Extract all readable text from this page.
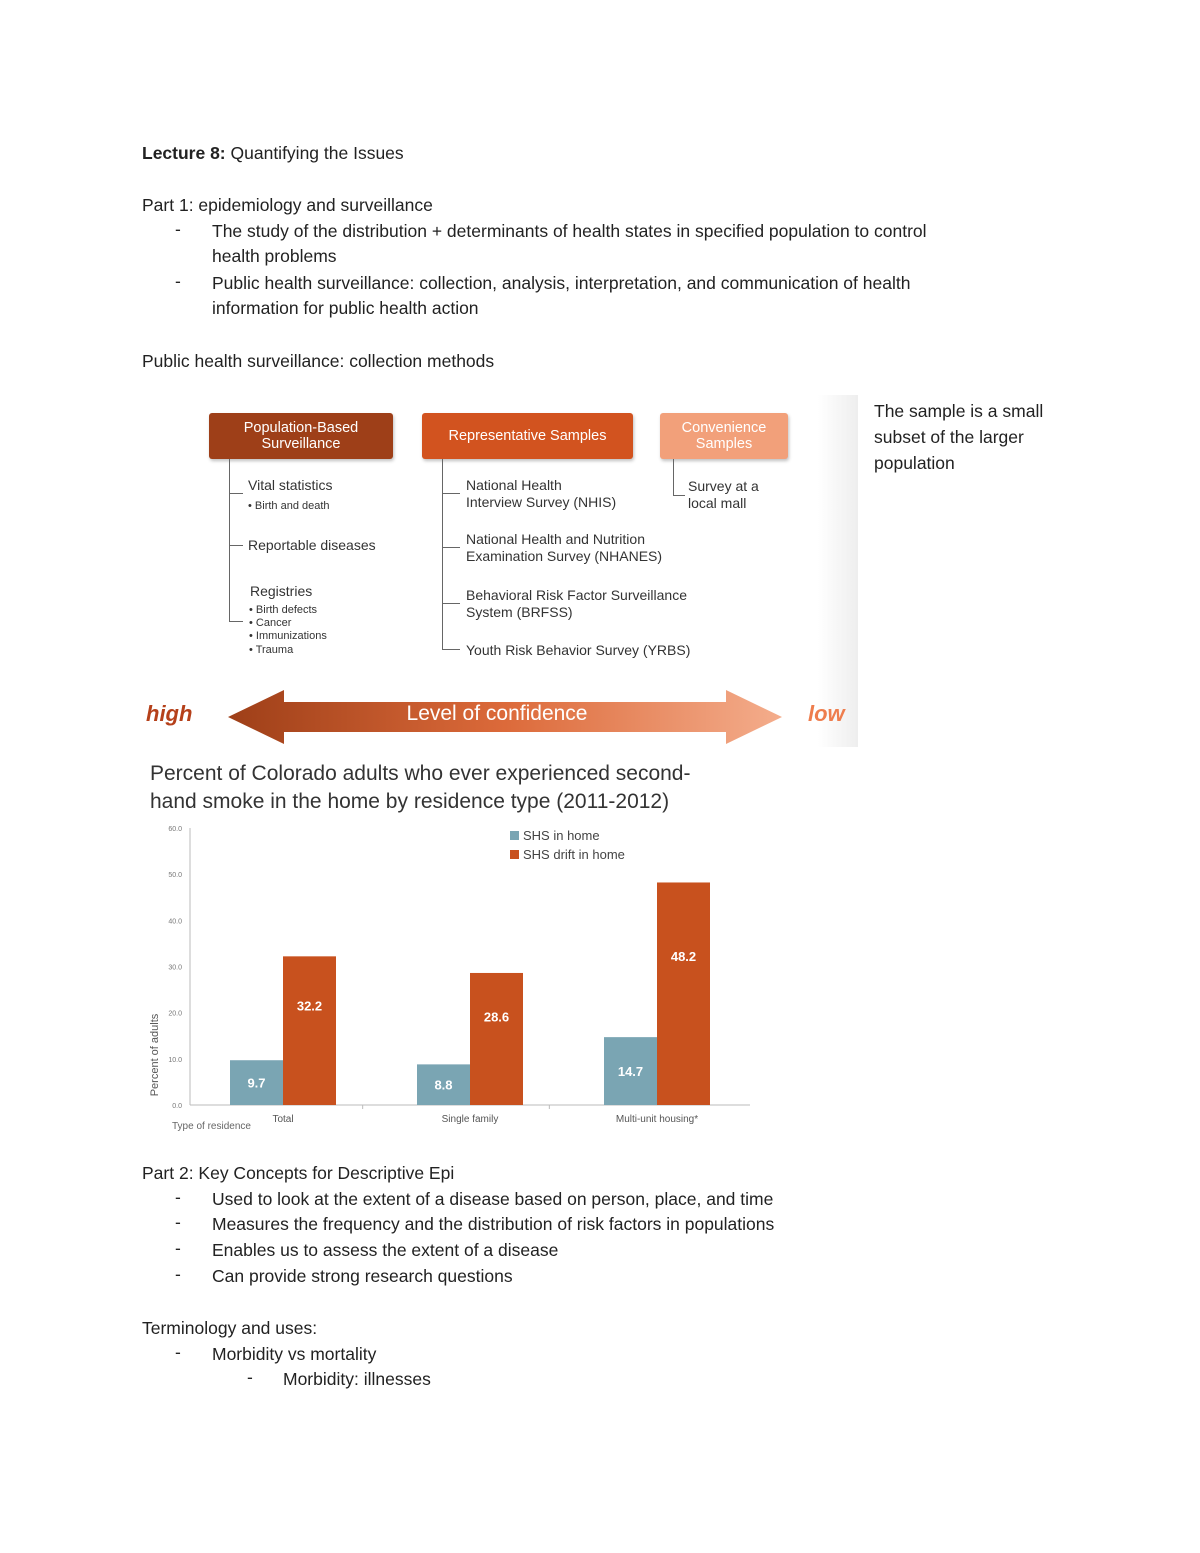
Lecture 8: Quantifying the Issues
Part 1: epidemiology and surveillance
- The study of the distribution + determinants of health states in specified population to control
health problems
- Public health surveillance: collection, analysis, interpretation, and communication of health
information for public health action
Public health surveillance: collection methods
The sample is a small subset of the larger population
Population-Based Surveillance	Representative Samples	Convenience Samples
Vital statistics
• Birth and death
Reportable diseases
Registries
• Birth defects
• Cancer
• Immunizations
• Trauma
National Health
Interview Survey (NHIS)
National Health and Nutrition
Examination Survey (NHANES)
Behavioral Risk Factor Surveillance
System (BRFSS)
Youth Risk Behavior Survey (YRBS)
Survey at a
local mall
high	Level of confidence	low
Percent of Colorado adults who ever experienced second-
hand smoke in the home by residence type (2011-2012)
0.0
10.0
20.0
30.0
40.0
50.0
60.0
Percent of adults
Type of residence
9.7
32.2
Total
8.8
28.6
Single family
14.7
48.2
Multi-unit housing*
SHS in home
SHS drift in home
Part 2: Key Concepts for Descriptive Epi
- Used to look at the extent of a disease based on person, place, and time
- Measures the frequency and the distribution of risk factors in populations
- Enables us to assess the extent of a disease
- Can provide strong research questions
Terminology and uses:
- Morbidity vs mortality
- Morbidity: illnesses
